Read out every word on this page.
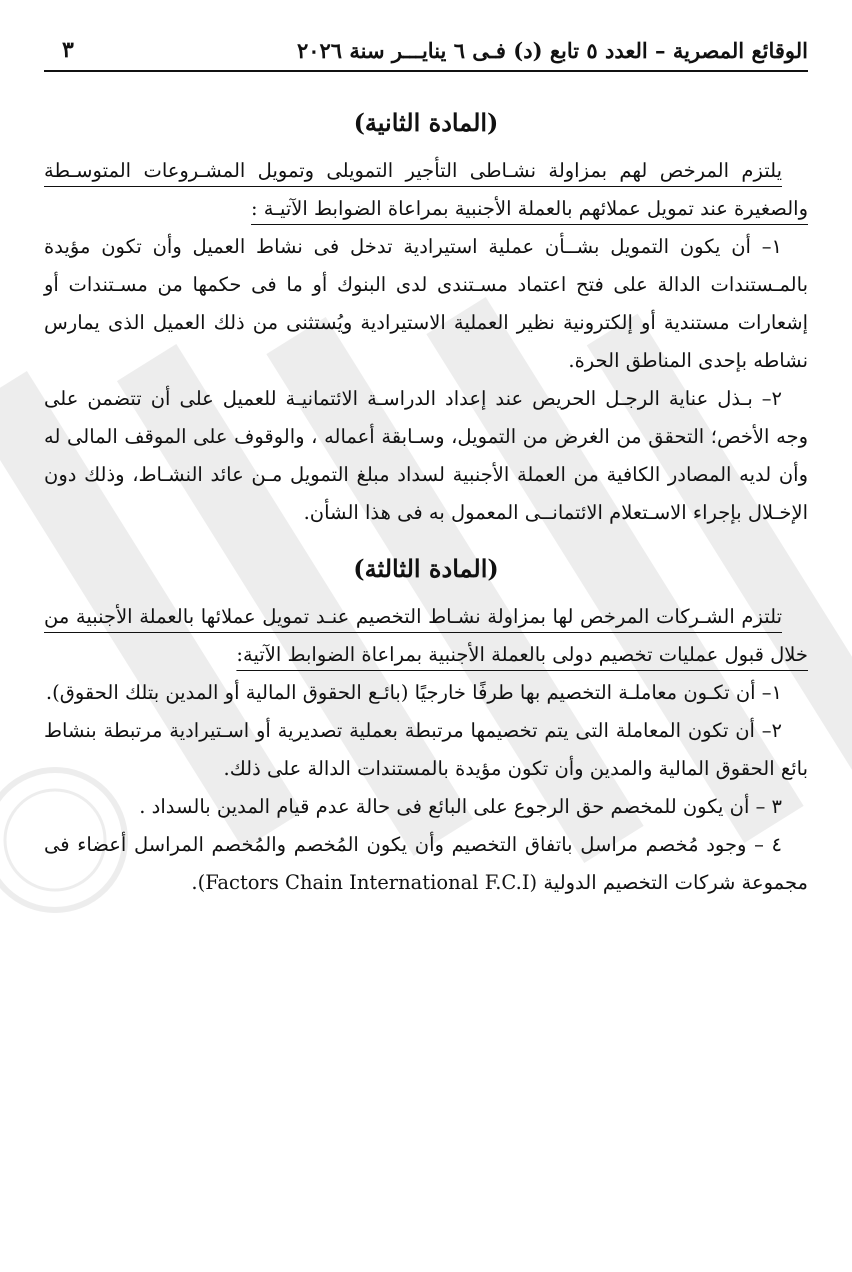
الوقائع المصرية – العدد ٥ تابع (د) فـى ٦ ينايـــر سنة ٢٠٢٦
٣
(المادة الثانية)

يلتزم المرخص لهم بمزاولة نشـاطى التأجير التمويلى وتمويل المشـروعات المتوسـطة والصغيرة عند تمويل عملائهم بالعملة الأجنبية بمراعاة الضوابط الآتيـة :

١– أن يكون التمويل بشــأن عملية استيرادية تدخل فى نشاط العميل وأن تكون مؤيدة بالمـستندات الدالة على فتح اعتماد مسـتندى لدى البنوك أو ما فى حكمها من مسـتندات أو إشعارات مستندية أو إلكترونية نظير العملية الاستيرادية ويُستثنى من ذلك العميل الذى يمارس نشاطه بإحدى المناطق الحرة.

٢– بـذل عناية الرجـل الحريص عند إعداد الدراسـة الائتمانيـة للعميل على أن تتضمن على وجه الأخص؛ التحقق من الغرض من التمويل، وسـابقة أعماله ، والوقوف على الموقف المالى له وأن لديه المصادر الكافية من العملة الأجنبية لسداد مبلغ التمويل مـن عائد النشـاط، وذلك دون الإخـلال بإجراء الاسـتعلام الائتمانــى المعمول به فى هذا الشأن.

(المادة الثالثة)

تلتزم الشـركات المرخص لها بمزاولة نشـاط التخصيم عنـد تمويل عملائها بالعملة الأجنبية من خلال قبول عمليات تخصيم دولى بالعملة الأجنبية بمراعاة الضوابط الآتية:

١– أن تكـون معاملـة التخصيم بها طرفًا خارجيًا (بائـع الحقوق المالية أو المدين بتلك الحقوق).

٢– أن تكون المعاملة التى يتم تخصيمها مرتبطة بعملية تصديرية أو اسـتيرادية مرتبطة بنشاط بائع الحقوق المالية والمدين وأن تكون مؤيدة بالمستندات الدالة على ذلك.

٣ – أن يكون للمخصم حق الرجوع على البائع فى حالة عدم قيام المدين بالسداد .

٤ – وجود مُخصم مراسل باتفاق التخصيم وأن يكون المُخصم والمُخصم المراسل أعضاء فى مجموعة شركات التخصيم الدولية (Factors Chain International F.C.I).
